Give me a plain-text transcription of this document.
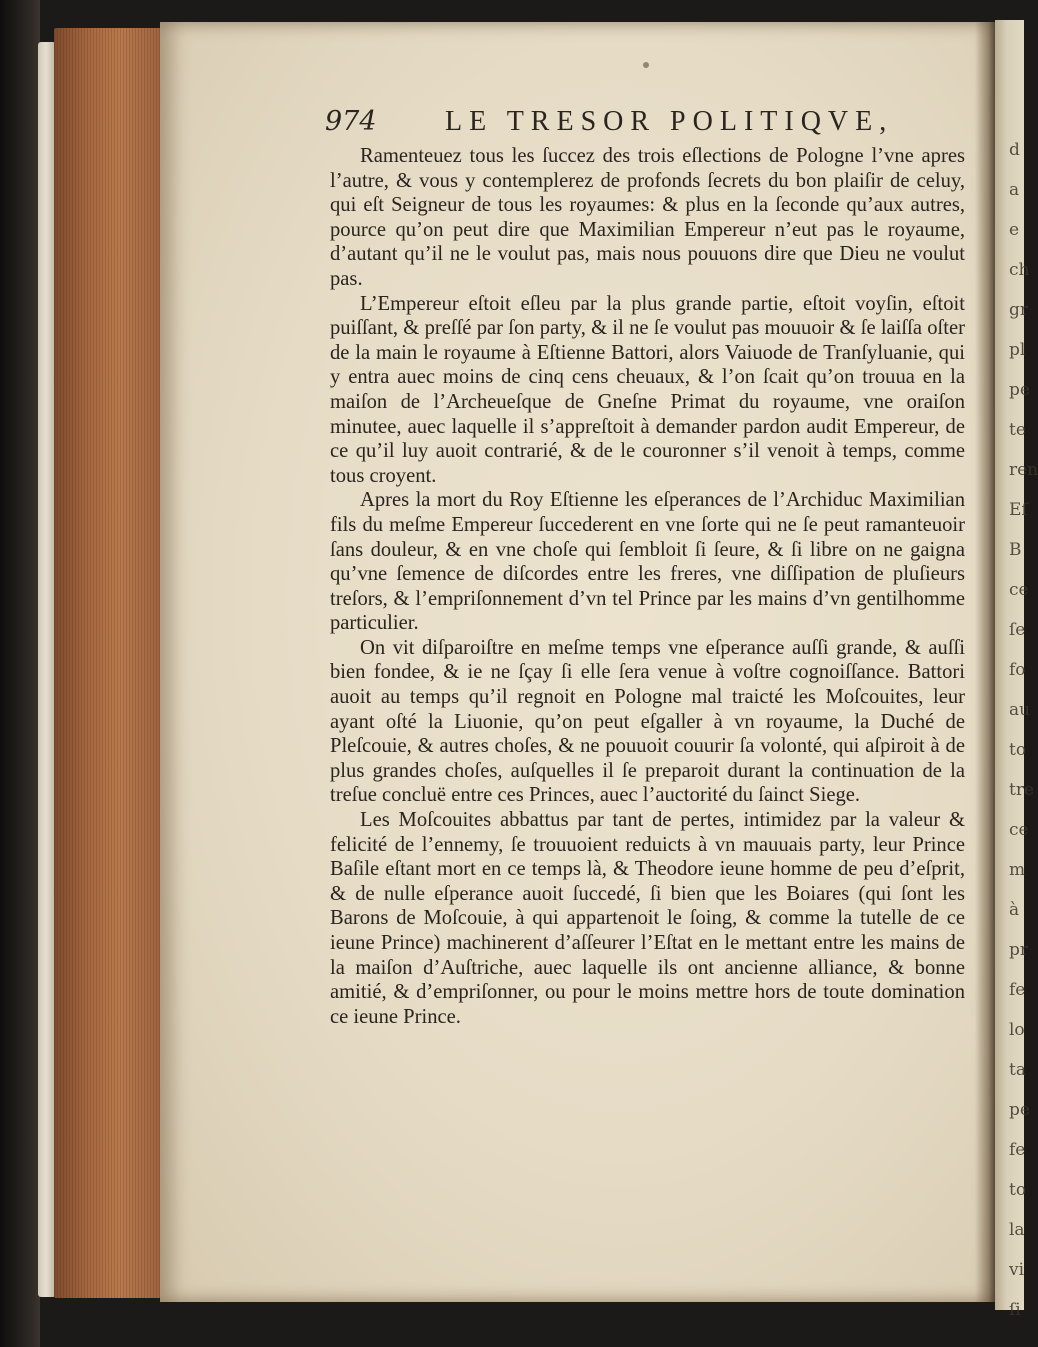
974 LE TRESOR POLITIQVE,

Ramenteuez tous les ſuccez des trois eſlections de Pologne l’vne apres l’autre, & vous y contemplerez de profonds ſecrets du bon plaiſir de celuy, qui eſt Seigneur de tous les royaumes: & plus en la ſeconde qu’aux autres, pource qu’on peut dire que Maximilian Empereur n’eut pas le royaume, d’autant qu’il ne le voulut pas, mais nous pouuons dire que Dieu ne voulut pas.

L’Empereur eſtoit eſleu par la plus grande partie, eſtoit voyſin, eſtoit puiſſant, & preſſé par ſon party, & il ne ſe voulut pas mouuoir & ſe laiſſa oſter de la main le royaume à Eſtienne Battori, alors Vaiuode de Tranſyluanie, qui y entra auec moins de cinq cens cheuaux, & l’on ſcait qu’on trouua en la maiſon de l’Archeueſque de Gneſne Primat du royaume, vne oraiſon minutee, auec laquelle il s’appreſtoit à demander pardon audit Empereur, de ce qu’il luy auoit contrarié, & de le couronner s’il venoit à temps, comme tous croyent.

Apres la mort du Roy Eſtienne les eſperances de l’Archiduc Maximilian fils du meſme Empereur ſuccederent en vne ſorte qui ne ſe peut ramanteuoir ſans douleur, & en vne choſe qui ſembloit ſi ſeure, & ſi libre on ne gaigna qu’vne ſemence de diſcordes entre les freres, vne diſſipation de pluſieurs treſors, & l’empriſonnement d’vn tel Prince par les mains d’vn gentilhomme particulier.

On vit diſparoiſtre en meſme temps vne eſperance auſſi grande, & auſſi bien fondee, & ie ne ſçay ſi elle ſera venue à voſtre cognoiſſance. Battori auoit au temps qu’il regnoit en Pologne mal traicté les Moſcouites, leur ayant oſté la Liuonie, qu’on peut eſgaller à vn royaume, la Duché de Pleſcouie, & autres choſes, & ne pouuoit couurir ſa volonté, qui aſpiroit à de plus grandes choſes, auſquelles il ſe preparoit durant la continuation de la treſue concluë entre ces Princes, auec l’auctorité du ſainct Siege.

Les Moſcouites abbattus par tant de pertes, intimidez par la valeur & felicité de l’ennemy, ſe trouuoient reduicts à vn mauuais party, leur Prince Baſile eſtant mort en ce temps là, & Theodore ieune homme de peu d’eſprit, & de nulle eſperance auoit ſuccedé, ſi bien que les Boiares (qui ſont les Barons de Moſcouie, à qui appartenoit le ſoing, & comme la tutelle de ce ieune Prince) machinerent d’aſſeurer l’Eſtat en le mettant entre les mains de la maiſon d’Auſtriche, auec laquelle ils ont ancienne alliance, & bonne amitié, & d’empriſonner, ou pour le moins mettre hors de toute domination ce ieune Prince.

d
a
e
ch
gr
pl
pe
te
ren
Eſ
B
ce
ſe
fo
au
to
tre
ce
m
à
pr
fe
lo
ta
pe
fe
to
la
vi
ſi
